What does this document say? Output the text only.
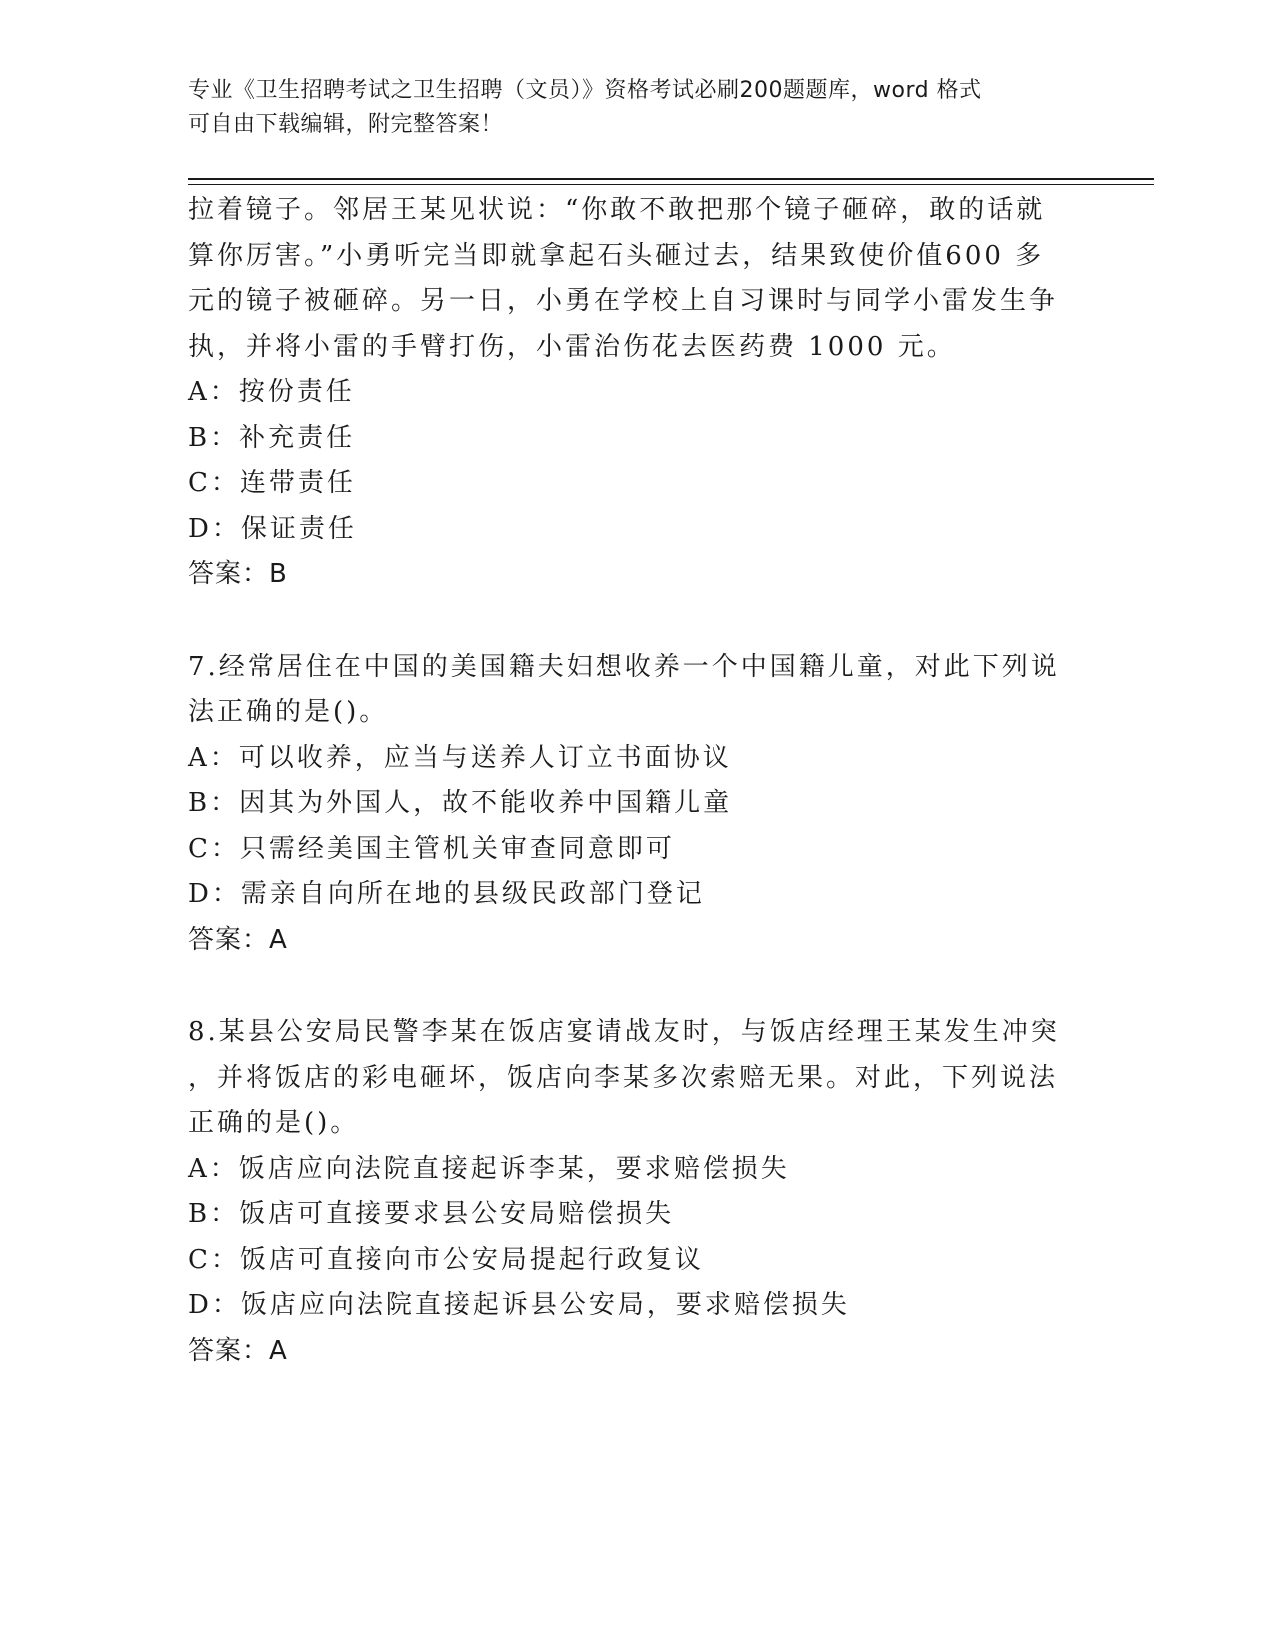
专业《卫生招聘考试之卫生招聘（文员）》资格考试必刷200题题库，word 格式
可自由下载编辑，附完整答案！
拉着镜子。邻居王某见状说：“你敢不敢把那个镜子砸碎，敢的话就
算你厉害。”小勇听完当即就拿起石头砸过去，结果致使价值600 多
元的镜子被砸碎。另一日，小勇在学校上自习课时与同学小雷发生争
执，并将小雷的手臂打伤，小雷治伤花去医药费 1000 元。
A：按份责任
B：补充责任
C：连带责任
D：保证责任
答案：B
7.经常居住在中国的美国籍夫妇想收养一个中国籍儿童，对此下列说
法正确的是()。
A：可以收养，应当与送养人订立书面协议
B：因其为外国人，故不能收养中国籍儿童
C：只需经美国主管机关审查同意即可
D：需亲自向所在地的县级民政部门登记
答案：A
8.某县公安局民警李某在饭店宴请战友时，与饭店经理王某发生冲突
，并将饭店的彩电砸坏，饭店向李某多次索赔无果。对此，下列说法
正确的是()。
A：饭店应向法院直接起诉李某，要求赔偿损失
B：饭店可直接要求县公安局赔偿损失
C：饭店可直接向市公安局提起行政复议
D：饭店应向法院直接起诉县公安局，要求赔偿损失
答案：A
